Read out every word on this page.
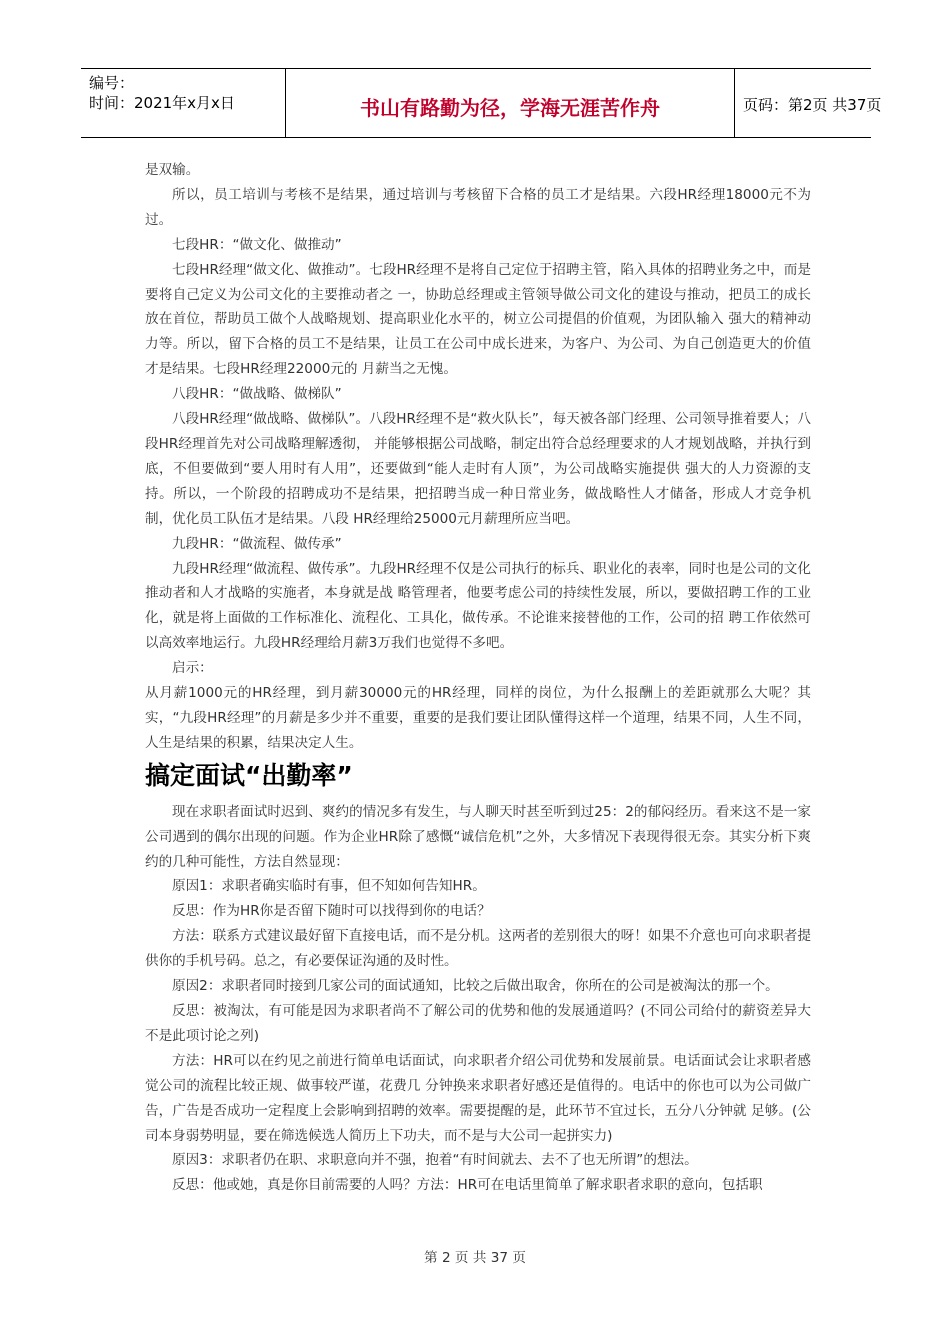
编号：
时间：2021年x月x日	书山有路勤为径，学海无涯苦作舟	页码：第2页 共37页

是双输。

所以，员工培训与考核不是结果，通过培训与考核留下合格的员工才是结果。六段HR经理18000元不为过。

七段HR：“做文化、做推动”

七段HR经理“做文化、做推动”。七段HR经理不是将自己定位于招聘主管，陷入具体的招聘业务之中，而是要将自己定义为公司文化的主要推动者之 一，协助总经理或主管领导做公司文化的建设与推动，把员工的成长放在首位，帮助员工做个人战略规划、提高职业化水平的，树立公司提倡的价值观，为团队输入 强大的精神动力等。所以，留下合格的员工不是结果，让员工在公司中成长进来，为客户、为公司、为自己创造更大的价值才是结果。七段HR经理22000元的 月薪当之无愧。

八段HR：“做战略、做梯队”

八段HR经理“做战略、做梯队”。八段HR经理不是“救火队长”，每天被各部门经理、公司领导推着要人；八段HR经理首先对公司战略理解透彻， 并能够根据公司战略，制定出符合总经理要求的人才规划战略，并执行到底，不但要做到“要人用时有人用”，还要做到“能人走时有人顶”，为公司战略实施提供 强大的人力资源的支持。所以，一个阶段的招聘成功不是结果，把招聘当成一种日常业务，做战略性人才储备，形成人才竞争机制，优化员工队伍才是结果。八段 HR经理给25000元月薪理所应当吧。

九段HR：“做流程、做传承”

九段HR经理“做流程、做传承”。九段HR经理不仅是公司执行的标兵、职业化的表率，同时也是公司的文化推动者和人才战略的实施者，本身就是战 略管理者，他要考虑公司的持续性发展，所以，要做招聘工作的工业化，就是将上面做的工作标准化、流程化、工具化，做传承。不论谁来接替他的工作，公司的招 聘工作依然可以高效率地运行。九段HR经理给月薪3万我们也觉得不多吧。

启示：

从月薪1000元的HR经理，到月薪30000元的HR经理，同样的岗位，为什么报酬上的差距就那么大呢？其实，“九段HR经理”的月薪是多少并不重要，重要的是我们要让团队懂得这样一个道理，结果不同，人生不同，人生是结果的积累，结果决定人生。

搞定面试“出勤率”

现在求职者面试时迟到、爽约的情况多有发生，与人聊天时甚至听到过25：2的郁闷经历。看来这不是一家公司遇到的偶尔出现的问题。作为企业HR除了感慨“诚信危机”之外，大多情况下表现得很无奈。其实分析下爽约的几种可能性，方法自然显现：

原因1：求职者确实临时有事，但不知如何告知HR。

反思：作为HR你是否留下随时可以找得到你的电话？

方法：联系方式建议最好留下直接电话，而不是分机。这两者的差别很大的呀！如果不介意也可向求职者提供你的手机号码。总之，有必要保证沟通的及时性。

原因2：求职者同时接到几家公司的面试通知，比较之后做出取舍，你所在的公司是被淘汰的那一个。

反思：被淘汰，有可能是因为求职者尚不了解公司的优势和他的发展通道吗？(不同公司给付的薪资差异大不是此项讨论之列)

方法：HR可以在约见之前进行简单电话面试，向求职者介绍公司优势和发展前景。电话面试会让求职者感觉公司的流程比较正规、做事较严谨，花费几 分钟换来求职者好感还是值得的。电话中的你也可以为公司做广告，广告是否成功一定程度上会影响到招聘的效率。需要提醒的是，此环节不宜过长，五分八分钟就 足够。(公司本身弱势明显，要在筛选候选人简历上下功夫，而不是与大公司一起拼实力)

原因3：求职者仍在职、求职意向并不强，抱着“有时间就去、去不了也无所谓”的想法。

反思：他或她，真是你目前需要的人吗？方法：HR可在电话里简单了解求职者求职的意向，包括职

第 2 页 共 37 页
